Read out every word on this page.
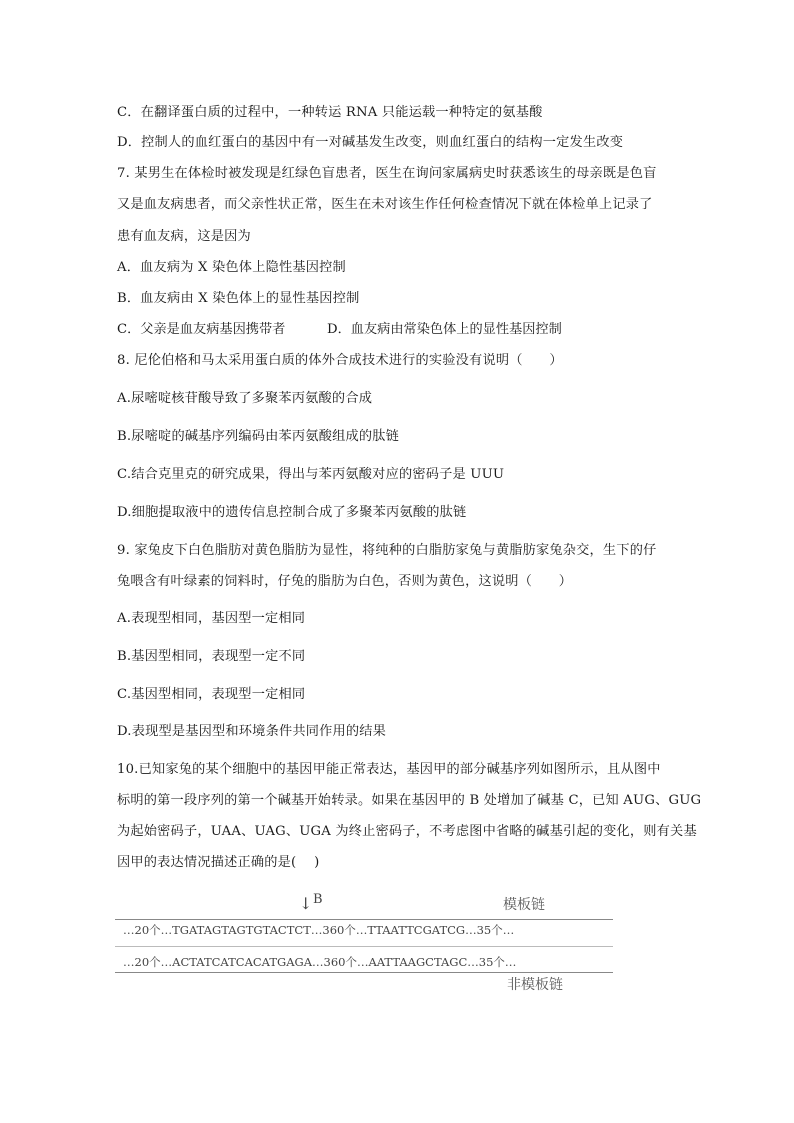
C．在翻译蛋白质的过程中，一种转运 RNA 只能运载一种特定的氨基酸
D．控制人的血红蛋白的基因中有一对碱基发生改变，则血红蛋白的结构一定发生改变
7. 某男生在体检时被发现是红绿色盲患者，医生在询问家属病史时获悉该生的母亲既是色盲
又是血友病患者，而父亲性状正常，医生在未对该生作任何检查情况下就在体检单上记录了
患有血友病，这是因为
A．血友病为 X 染色体上隐性基因控制
B．血友病由 X 染色体上的显性基因控制
C．父亲是血友病基因携带者	D．血友病由常染色体上的显性基因控制
8. 尼伦伯格和马太采用蛋白质的体外合成技术进行的实验没有说明（　　）
A.尿嘧啶核苷酸导致了多聚苯丙氨酸的合成
B.尿嘧啶的碱基序列编码由苯丙氨酸组成的肽链
C.结合克里克的研究成果，得出与苯丙氨酸对应的密码子是 UUU
D.细胞提取液中的遗传信息控制合成了多聚苯丙氨酸的肽链
9. 家兔皮下白色脂肪对黄色脂肪为显性，将纯种的白脂肪家兔与黄脂肪家兔杂交，生下的仔
兔喂含有叶绿素的饲料时，仔兔的脂肪为白色，否则为黄色，这说明（　　）
A.表现型相同，基因型一定相同
B.基因型相同，表现型一定不同
C.基因型相同，表现型一定相同
D.表现型是基因型和环境条件共同作用的结果
10.已知家兔的某个细胞中的基因甲能正常表达，基因甲的部分碱基序列如图所示，且从图中
标明的第一段序列的第一个碱基开始转录。如果在基因甲的 B 处增加了碱基 C，已知 AUG、GUG
为起始密码子，UAA、UAG、UGA 为终止密码子，不考虑图中省略的碱基引起的变化，则有关基
因甲的表达情况描述正确的是(　 )
↓ B	模板链
…20个…TGATAGTAGTGTACTCT…360个…TTAATTCGATCG…35个…
…20个…ACTATCATCACATGAGA…360个…AATTAAGCTAGC…35个…
非模板链
